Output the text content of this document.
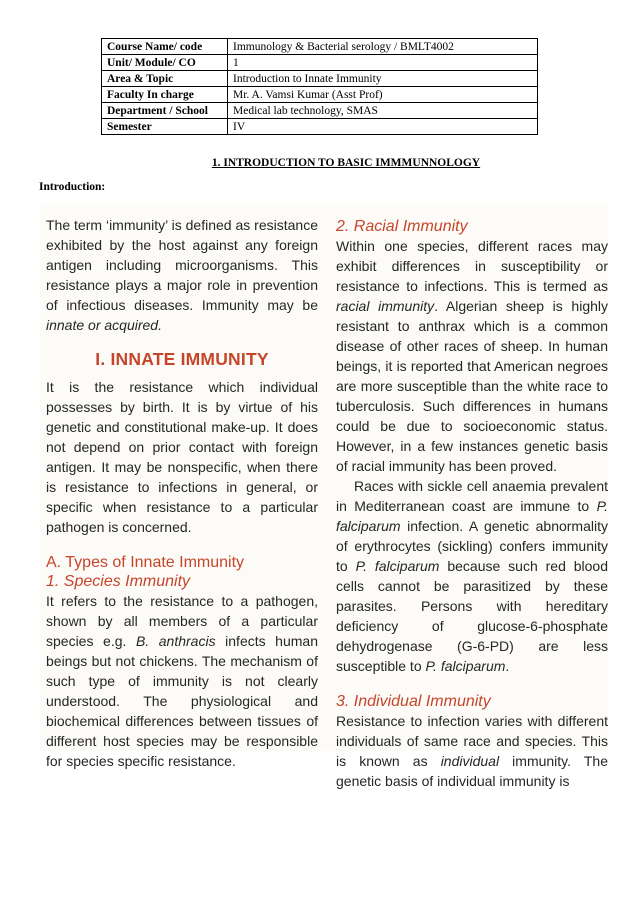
Course Name/ code	Immunology & Bacterial serology / BMLT4002
Unit/ Module/ CO	1
Area & Topic	Introduction to Innate Immunity
Faculty In charge	Mr. A. Vamsi Kumar (Asst Prof)
Department / School	Medical lab technology, SMAS
Semester	IV
1. INTRODUCTION TO BASIC IMMMUNNOLOGY
Introduction:

The term ‘immunity’ is defined as resistance exhibited by the host against any foreign antigen including microorganisms. This resistance plays a major role in prevention of infectious diseases. Immunity may be innate or acquired.

I. INNATE IMMUNITY

It is the resistance which individual possesses by birth. It is by virtue of his genetic and constitutional make-up. It does not depend on prior contact with foreign antigen. It may be nonspecific, when there is resistance to infections in general, or specific when resistance to a particular pathogen is concerned.

A. Types of Innate Immunity
1. Species Immunity

It refers to the resistance to a pathogen, shown by all members of a particular species e.g. B. anthracis infects human beings but not chickens. The mechanism of such type of immunity is not clearly understood. The physiological and biochemical differences between tissues of different host species may be responsible for species specific resistance.

2. Racial Immunity

Within one species, different races may exhibit differences in susceptibility or resistance to infections. This is termed as racial immunity. Algerian sheep is highly resistant to anthrax which is a common disease of other races of sheep. In human beings, it is reported that American negroes are more susceptible than the white race to tuberculosis. Such differences in humans could be due to socioeconomic status. However, in a few instances genetic basis of racial immunity has been proved.

Races with sickle cell anaemia prevalent in Mediterranean coast are immune to P. falciparum infection. A genetic abnormality of erythrocytes (sickling) confers immunity to P. falciparum because such red blood cells cannot be parasitized by these parasites. Persons with hereditary deficiency of glucose-6-phosphate dehydrogenase (G-6-PD) are less susceptible to P. falciparum.

3. Individual Immunity

Resistance to infection varies with different individuals of same race and species. This is known as individual immunity. The genetic basis of individual immunity is
